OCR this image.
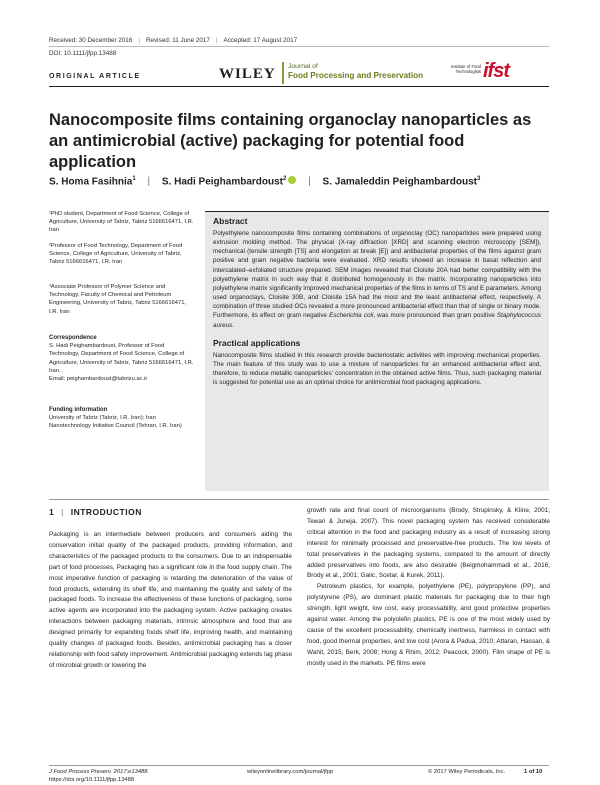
Received: 30 December 2016 | Revised: 11 June 2017 | Accepted: 17 August 2017
DOI: 10.1111/jfpp.13488
ORIGINAL ARTICLE	WILEY Journal of
Food Processing and Preservation
Institute of Food Technologists ifst
Nanocomposite films containing organoclay nanoparticles as an antimicrobial (active) packaging for potential food application
S. Homa Fasihnia$^1$ | S. Hadi Peighambardoust$^2$ | S. Jamaleddin Peighambardoust$^3$
¹PhD student, Department of Food Science, College of Agriculture, University of Tabriz, Tabriz 5166616471, I.R. Iran
²Professor of Food Technology, Department of Food Science, College of Agriculture, University of Tabriz, Tabriz 5166616471, I.R. Iran
³Associate Professor of Polymer Science and Technology, Faculty of Chemical and Petroleum Engineering, University of Tabriz, Tabriz 5166616471, I.R. Iran
Correspondence
S. Hadi Peighambardoust, Professor of Food Technology, Department of Food Science, College of Agriculture, University of Tabriz, Tabriz 5166616471, I.R. Iran.
Email: peighambardoust@tabrizu.ac.ir
Funding information
University of Tabriz (Tabriz, I.R. Iran); Iran Nanotechnology Initiative Council (Tehran, I.R. Iran)
Abstract
Polyethylene nanocomposite films containing combinations of organoclay (OC) nanoparticles were prepared using extrusion molding method. The physical (X-ray diffraction [XRD] and scanning electron microscopy [SEM]), mechanical (tensile strength [TS] and elongation at break [E]) and antibacterial properties of the films against gram positive and gram negative bacteria were evaluated. XRD results showed an increase in basal reflection and intercalated–exfoliated structure prepared. SEM images revealed that Cloisite 20A had better compatibility with the polyethylene matrix in such way that it distributed homogenously in the matrix. Incorporating nanoparticles into polyethylene matrix significantly improved mechanical properties of the films in terms of TS and E parameters. Among used organoclays, Cloisite 30B, and Cloisite 15A had the most and the least antibacterial effect, respectively. A combination of three studied OCs revealed a more pronounced antibacterial effect than that of single or binary mode. Furthermore, its effect on gram negative Escherichia coli, was more pronounced than gram positive Staphylococcus aureus.
Practical applications
Nanocomposite films studied in this research provide bacteriostatic activities with improving mechanical properties. The main feature of this study was to use a mixture of nanoparticles for an enhanced antibacterial effect and, therefore, to reduce metallic nanoparticles' concentration in the obtained active films. Thus, such packaging material is suggested for potential use as an optimal choice for antimicrobial food packaging applications.
1 | INTRODUCTION
Packaging is an intermediate between producers and consumers aiding the conservation initial quality of the packaged products, providing information, and characteristics of the packaged products to the consumers. Due to an indispensable part of food processes, Packaging has a significant role in the food supply chain. The most imperative function of packaging is retarding the deterioration of the value of food products, extending its shelf life, and maintaining the quality and safety of the packaged foods. To increase the effectiveness of these functions of packaging, some active agents are incorporated into the packaging system. Active packaging creates interactions between packaging materials, intrinsic atmosphere and food that are designed primarily for expanding foods shelf life, improving health, and maintaining quality changes of packaged foods. Besides, antimicrobial packaging has a closer relationship with food safety improvement. Antimicrobial packaging extends lag phase of microbial growth or lowering the
growth rate and final count of microorganisms (Brody, Strupinsky, & Kline, 2001; Tewari & Juneja, 2007). This novel packaging system has received considerable critical attention in the food and packaging industry as a result of increasing strong interest for minimally processed and preservative-free products. The low levels of total preservatives in the packaging systems, compared to the amount of directly added preservatives into foods, are also desirable (Beigmohammadi et al., 2016; Brody et al., 2001; Galic, Scetar, & Kurek, 2011).
Petroleum plastics, for example, polyethylene (PE), polypropylene (PP), and polystyrene (PS), are dominant plastic materials for packaging due to their high strength, light weight, low cost, easy processability, and good protective properties against water. Among the polyolefin plastics, PE is one of the most widely used by cause of the excellent processability, chemically inertness, harmless in contact with food, good thermal properties, and low cost (Arora & Padua, 2010; Attaran, Hassan, & Wahit, 2015; Berk, 2008; Hong & Rhim, 2012; Peacock, 2000). Film shape of PE is mostly used in the markets. PE films were
J Food Process Preserv. 2017;e13488.
https://doi.org/10.1111/jfpp.13488
wileyonlinelibrary.com/journal/jfpp	© 2017 Wiley Periodicals, Inc.	1 of 10
